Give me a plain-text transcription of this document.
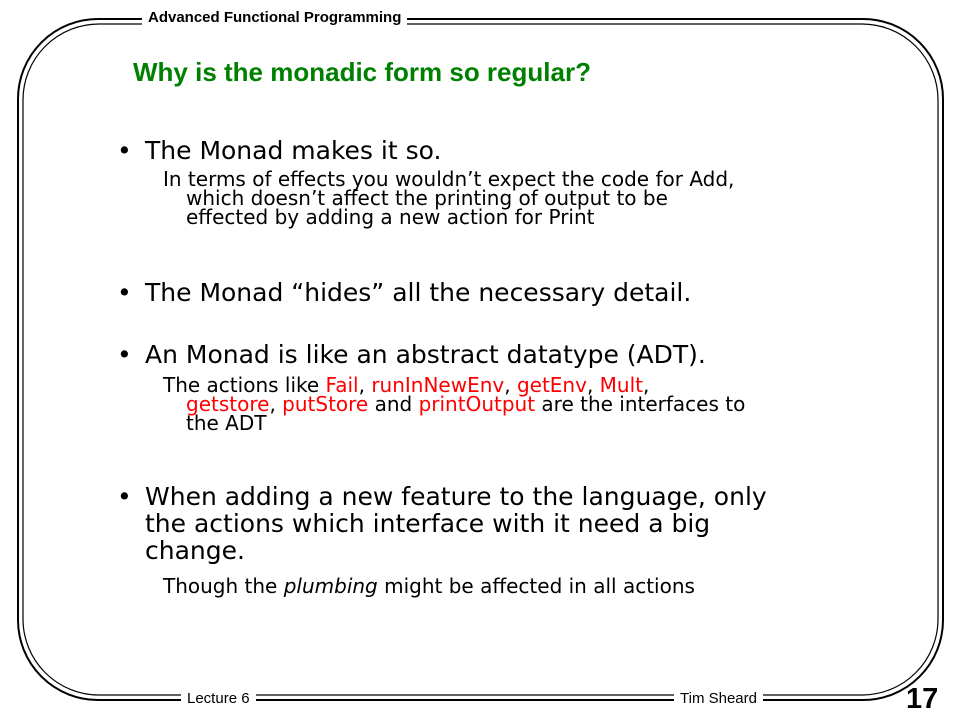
Advanced Functional Programming
Lecture 6	Tim Sheard	17
Why is the monadic form so regular?
• The Monad makes it so.
In terms of effects you wouldn’t expect the code for Add,
which doesn’t affect the printing of output to be
effected by adding a new action for Print
• The Monad “hides” all the necessary detail.
• An Monad is like an abstract datatype (ADT).
The actions like Fail, runInNewEnv, getEnv, Mult,
getstore, putStore and printOutput are the interfaces to
the ADT
• When adding a new feature to the language, only
the actions which interface with it need a big
change.
Though the plumbing might be affected in all actions
